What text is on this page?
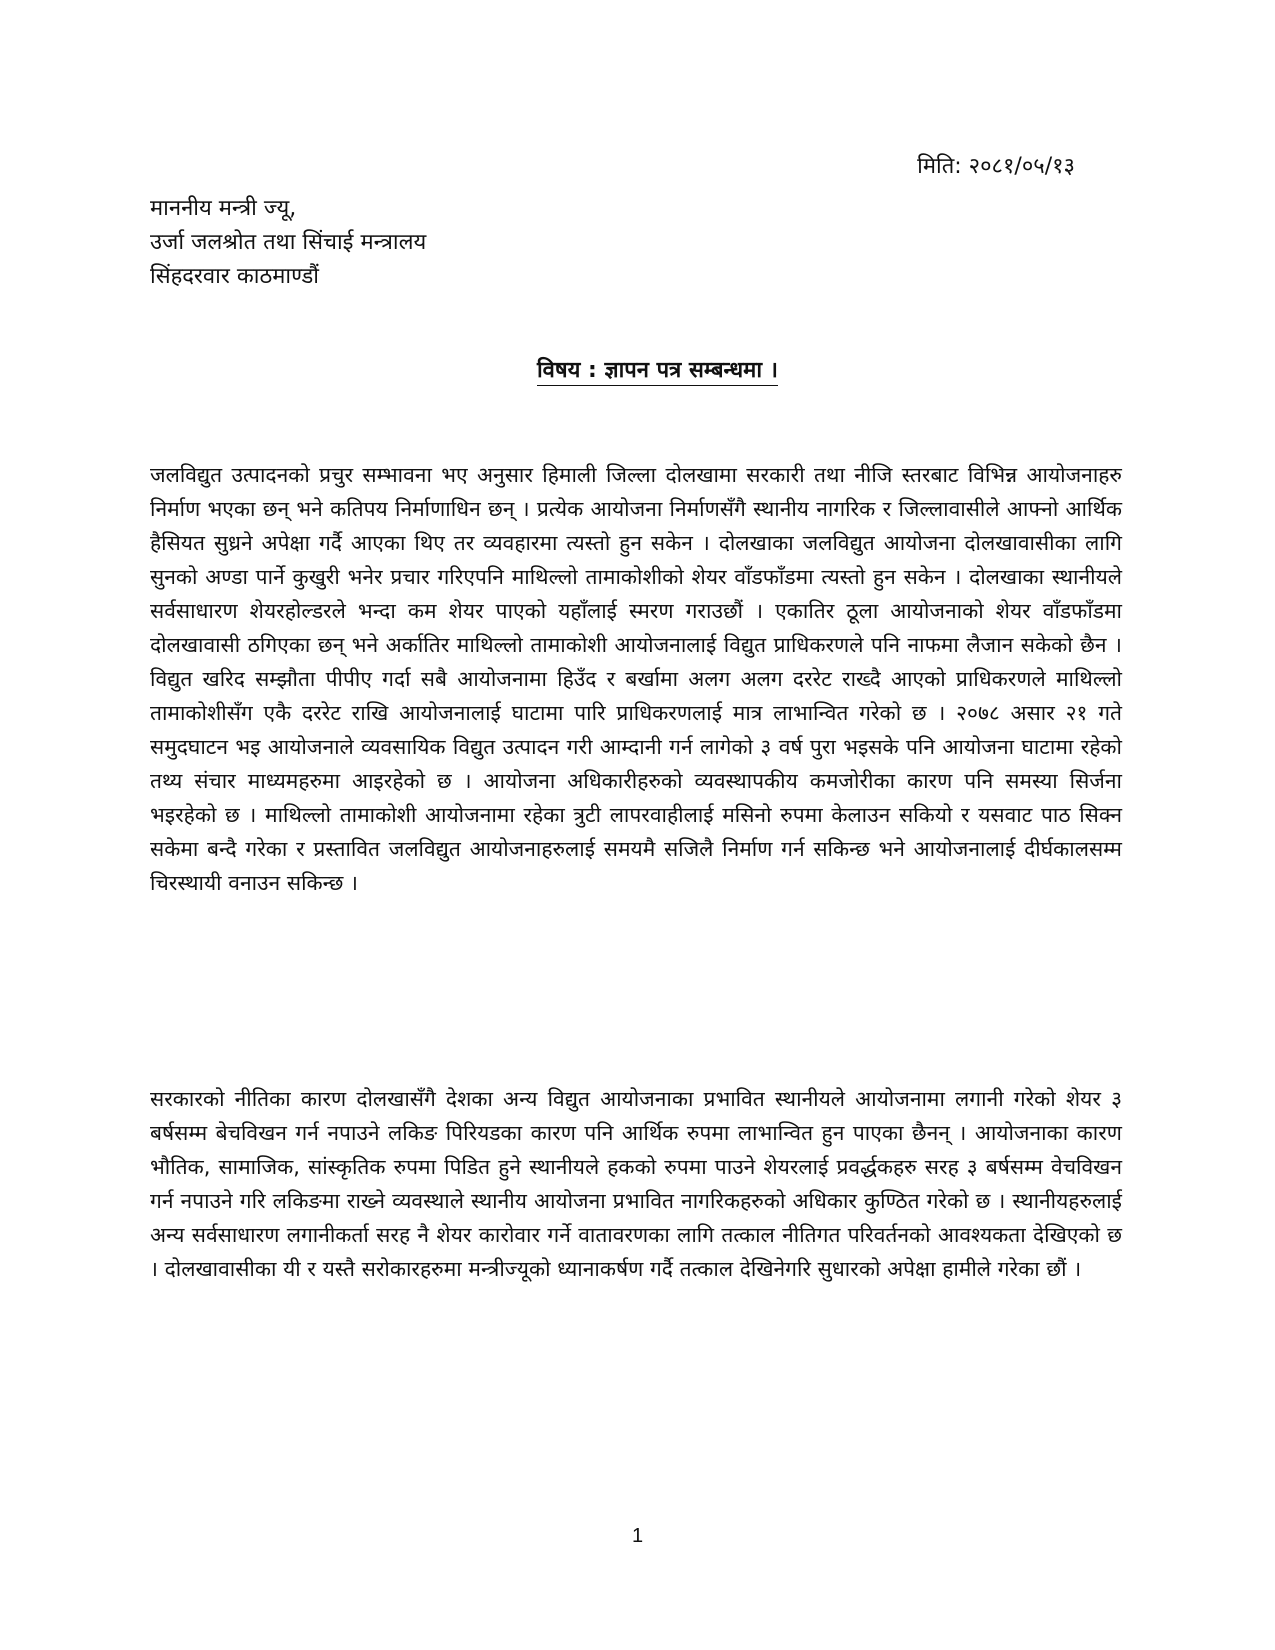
मिति: २०८१/०५/१३
माननीय मन्त्री ज्यू,
उर्जा जलश्रोत तथा सिंचाई मन्त्रालय
सिंहदरवार काठमाण्डौं
विषय : ज्ञापन पत्र सम्बन्धमा ।

जलविद्युत उत्पादनको प्रचुर सम्भावना भए अनुसार हिमाली जिल्ला दोलखामा सरकारी तथा नीजि स्तरबाट विभिन्न आयोजनाहरु निर्माण भएका छन् भने कतिपय निर्माणाधिन छन् । प्रत्येक आयोजना निर्माणसँगै स्थानीय नागरिक र जिल्लावासीले आफ्नो आर्थिक हैसियत सुध्रने अपेक्षा गर्दै आएका थिए तर व्यवहारमा त्यस्तो हुन सकेन । दोलखाका जलविद्युत आयोजना दोलखावासीका लागि सुनको अण्डा पार्ने कुखुरी भनेर प्रचार गरिएपनि माथिल्लो तामाकोशीको शेयर वाँडफाँडमा त्यस्तो हुन सकेन । दोलखाका स्थानीयले सर्वसाधारण शेयरहोल्डरले भन्दा कम शेयर पाएको यहाँलाई स्मरण गराउछौं । एकातिर ठूला आयोजनाको शेयर वाँडफाँडमा दोलखावासी ठगिएका छन् भने अर्कातिर माथिल्लो तामाकोशी आयोजनालाई विद्युत प्राधिकरणले पनि नाफमा लैजान सकेको छैन । विद्युत खरिद सम्झौता पीपीए गर्दा सबै आयोजनामा हिउँद र बर्खामा अलग अलग दररेट राख्दै आएको प्राधिकरणले माथिल्लो तामाकोशीसँग एकै दररेट राखि आयोजनालाई घाटामा पारि प्राधिकरणलाई मात्र लाभान्वित गरेको छ । २०७८ असार २१ गते समुदघाटन भइ आयोजनाले व्यवसायिक विद्युत उत्पादन गरी आम्दानी गर्न लागेको ३ वर्ष पुरा भइसके पनि आयोजना घाटामा रहेको तथ्य संचार माध्यमहरुमा आइरहेको छ । आयोजना अधिकारीहरुको व्यवस्थापकीय कमजोरीका कारण पनि समस्या सिर्जना भइरहेको छ । माथिल्लो तामाकोशी आयोजनामा रहेका त्रुटी लापरवाहीलाई मसिनो रुपमा केलाउन सकियो र यसवाट पाठ सिक्न सकेमा बन्दै गरेका र प्रस्तावित जलविद्युत आयोजनाहरुलाई समयमै सजिलै निर्माण गर्न सकिन्छ भने आयोजनालाई दीर्घकालसम्म चिरस्थायी वनाउन सकिन्छ ।

सरकारको नीतिका कारण दोलखासँगै देशका अन्य विद्युत आयोजनाका प्रभावित स्थानीयले आयोजनामा लगानी गरेको शेयर ३ बर्षसम्म बेचविखन गर्न नपाउने लकिङ पिरियडका कारण पनि आर्थिक रुपमा लाभान्वित हुन पाएका छैनन् । आयोजनाका कारण भौतिक, सामाजिक, सांस्कृतिक रुपमा पिडित हुने स्थानीयले हकको रुपमा पाउने शेयरलाई प्रवर्द्धकहरु सरह ३ बर्षसम्म वेचविखन गर्न नपाउने गरि लकिङमा राख्ने व्यवस्थाले स्थानीय आयोजना प्रभावित नागरिकहरुको अधिकार कुण्ठित गरेको छ । स्थानीयहरुलाई अन्य सर्वसाधारण लगानीकर्ता सरह नै शेयर कारोवार गर्ने वातावरणका लागि तत्काल नीतिगत परिवर्तनको आवश्यकता देखिएको छ । दोलखावासीका यी र यस्तै सरोकारहरुमा मन्त्रीज्यूको ध्यानाकर्षण गर्दै तत्काल देखिनेगरि सुधारको अपेक्षा हामीले गरेका छौं ।

1
